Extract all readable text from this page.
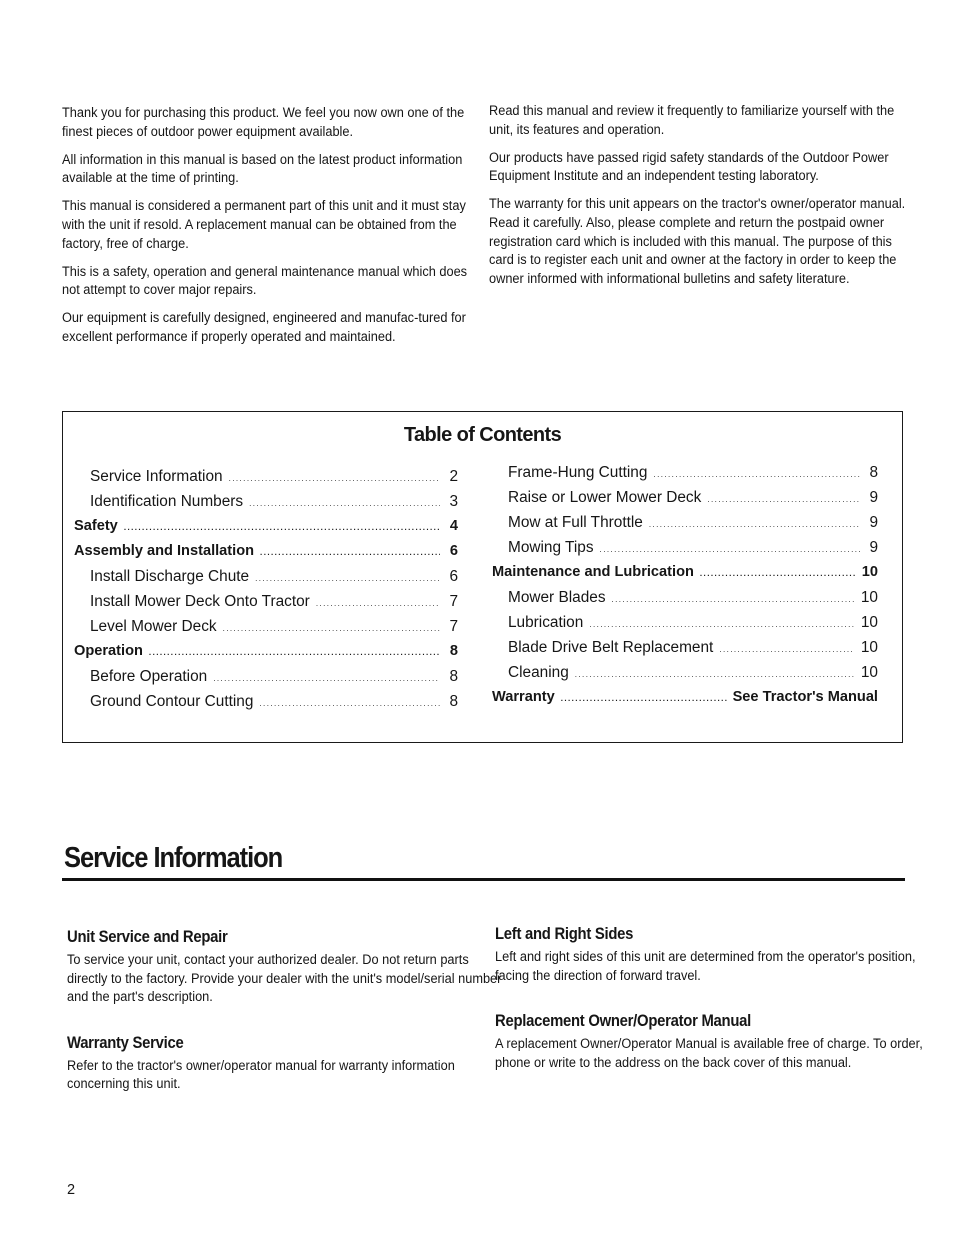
Thank you for purchasing this product. We feel you now own one of the finest pieces of outdoor power equipment available.

All information in this manual is based on the latest product information available at the time of printing.

This manual is considered a permanent part of this unit and it must stay with the unit if resold. A replacement manual can be obtained from the factory, free of charge.

This is a safety, operation and general maintenance manual which does not attempt to cover major repairs.

Our equipment is carefully designed, engineered and manufac-tured for excellent performance if properly operated and maintained.

Read this manual and review it frequently to familiarize yourself with the unit, its features and operation.

Our products have passed rigid safety standards of the Outdoor Power Equipment Institute and an independent testing laboratory.

The warranty for this unit appears on the tractor's owner/operator manual. Read it carefully. Also, please complete and return the postpaid owner registration card which is included with this manual. The purpose of this card is to register each unit and owner at the factory in order to keep the owner informed with informational bulletins and safety literature.

Table of Contents
Service Information . . .	2
Identification Numbers . . .	3
Safety . . .	4
Assembly and Installation . . .	6
Install Discharge Chute . . .	6
Install Mower Deck Onto Tractor . . .	7
Level Mower Deck . . .	7
Operation . . .	8
Before Operation . . .	8
Ground Contour Cutting . . .	8
Frame-Hung Cutting . . .	8
Raise or Lower Mower Deck . . .	9
Mow at Full Throttle . . .	9
Mowing Tips . . .	9
Maintenance and Lubrication . . .	10
Mower Blades . . .	10
Lubrication . . .	10
Blade Drive Belt Replacement . . .	10
Cleaning . . .	10
Warranty . . .	See Tractor's Manual
Service Information
Unit Service and Repair

To service your unit, contact your authorized dealer. Do not return parts directly to the factory. Provide your dealer with the unit's model/serial number and the part's description.

Warranty Service

Refer to the tractor's owner/operator manual for warranty information concerning this unit.

Left and Right Sides

Left and right sides of this unit are determined from the operator's position, facing the direction of forward travel.

Replacement Owner/Operator Manual

A replacement Owner/Operator Manual is available free of charge. To order, phone or write to the address on the back cover of this manual.

2
